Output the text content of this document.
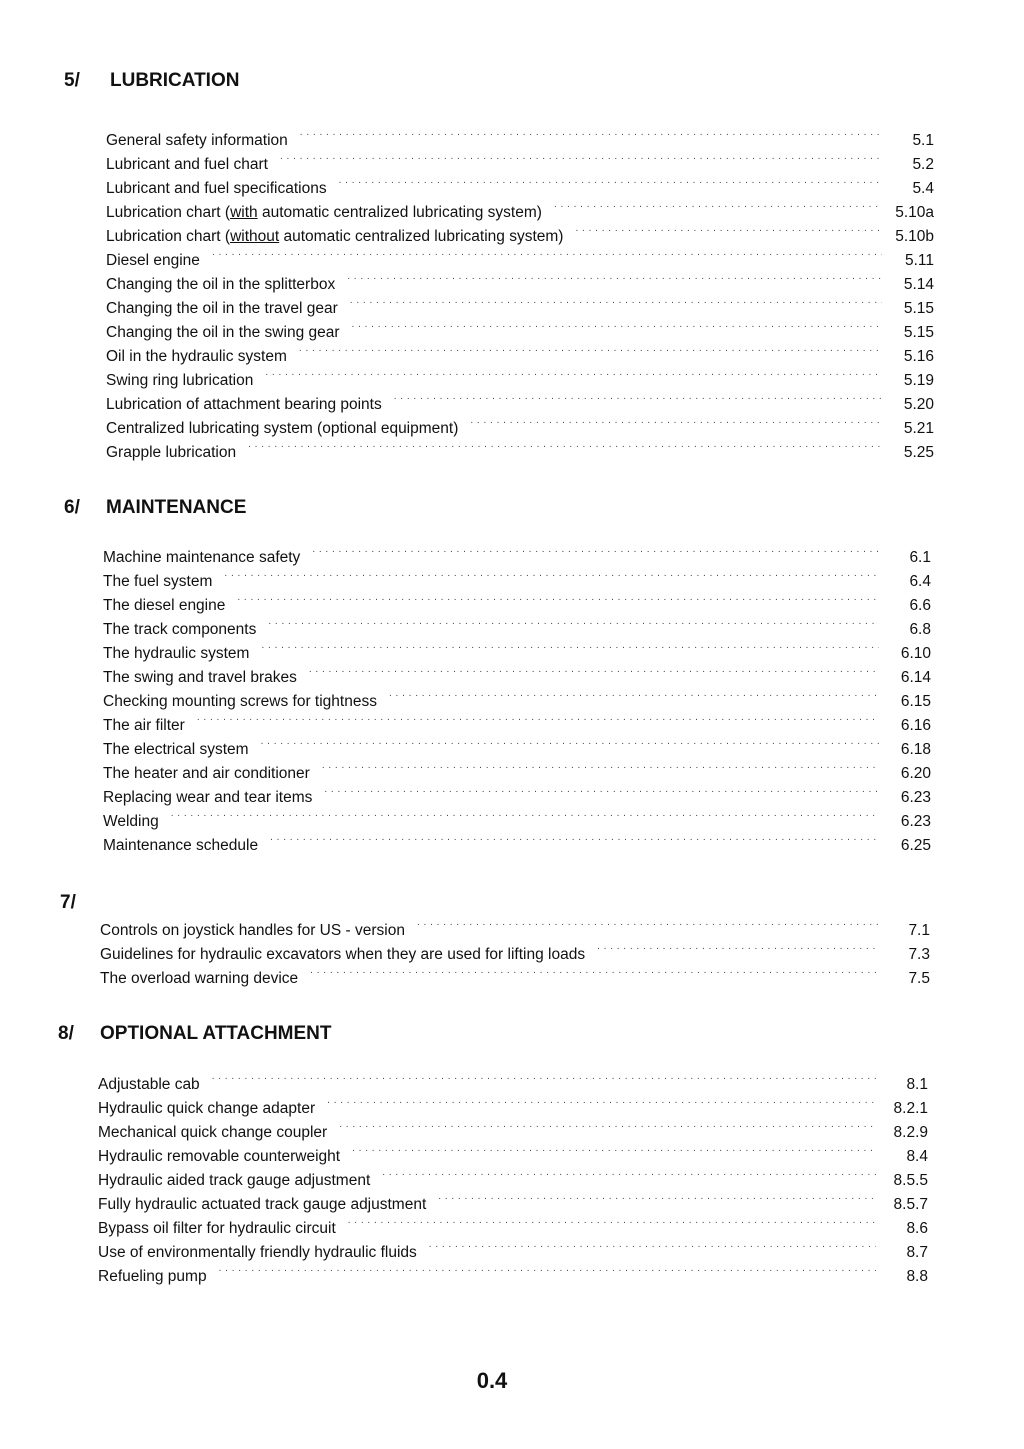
5/ LUBRICATION
General safety information . . .	5.1
Lubricant and fuel chart . . .	5.2
Lubricant and fuel specifications . . .	5.4
Lubrication chart (with automatic centralized lubricating system) . . .	5.10a
Lubrication chart (without automatic centralized lubricating system) . . .	5.10b
Diesel engine . . .	5.11
Changing the oil in the splitterbox . . .	5.14
Changing the oil in the travel gear . . .	5.15
Changing the oil in the swing gear . . .	5.15
Oil in the hydraulic system . . .	5.16
Swing ring lubrication . . .	5.19
Lubrication of attachment bearing points . . .	5.20
Centralized lubricating system (optional equipment) . . .	5.21
Grapple lubrication . . .	5.25
6/ MAINTENANCE
Machine maintenance safety . . .	6.1
The fuel system . . .	6.4
The diesel engine . . .	6.6
The track components . . .	6.8
The hydraulic system . . .	6.10
The swing and travel brakes . . .	6.14
Checking mounting screws for tightness . . .	6.15
The air filter . . .	6.16
The electrical system . . .	6.18
The heater and air conditioner . . .	6.20
Replacing wear and tear items . . .	6.23
Welding . . .	6.23
Maintenance schedule . . .	6.25
7/
Controls on joystick handles for US - version . . .	7.1
Guidelines for hydraulic excavators when they are used for lifting loads . . .	7.3
The overload warning device . . .	7.5
8/ OPTIONAL ATTACHMENT
Adjustable cab . . .	8.1
Hydraulic quick change adapter . . .	8.2.1
Mechanical quick change coupler . . .	8.2.9
Hydraulic removable counterweight . . .	8.4
Hydraulic aided track gauge adjustment . . .	8.5.5
Fully hydraulic actuated track gauge adjustment . . .	8.5.7
Bypass oil filter for hydraulic circuit . . .	8.6
Use of environmentally friendly hydraulic fluids . . .	8.7
Refueling pump . . .	8.8
0.4
